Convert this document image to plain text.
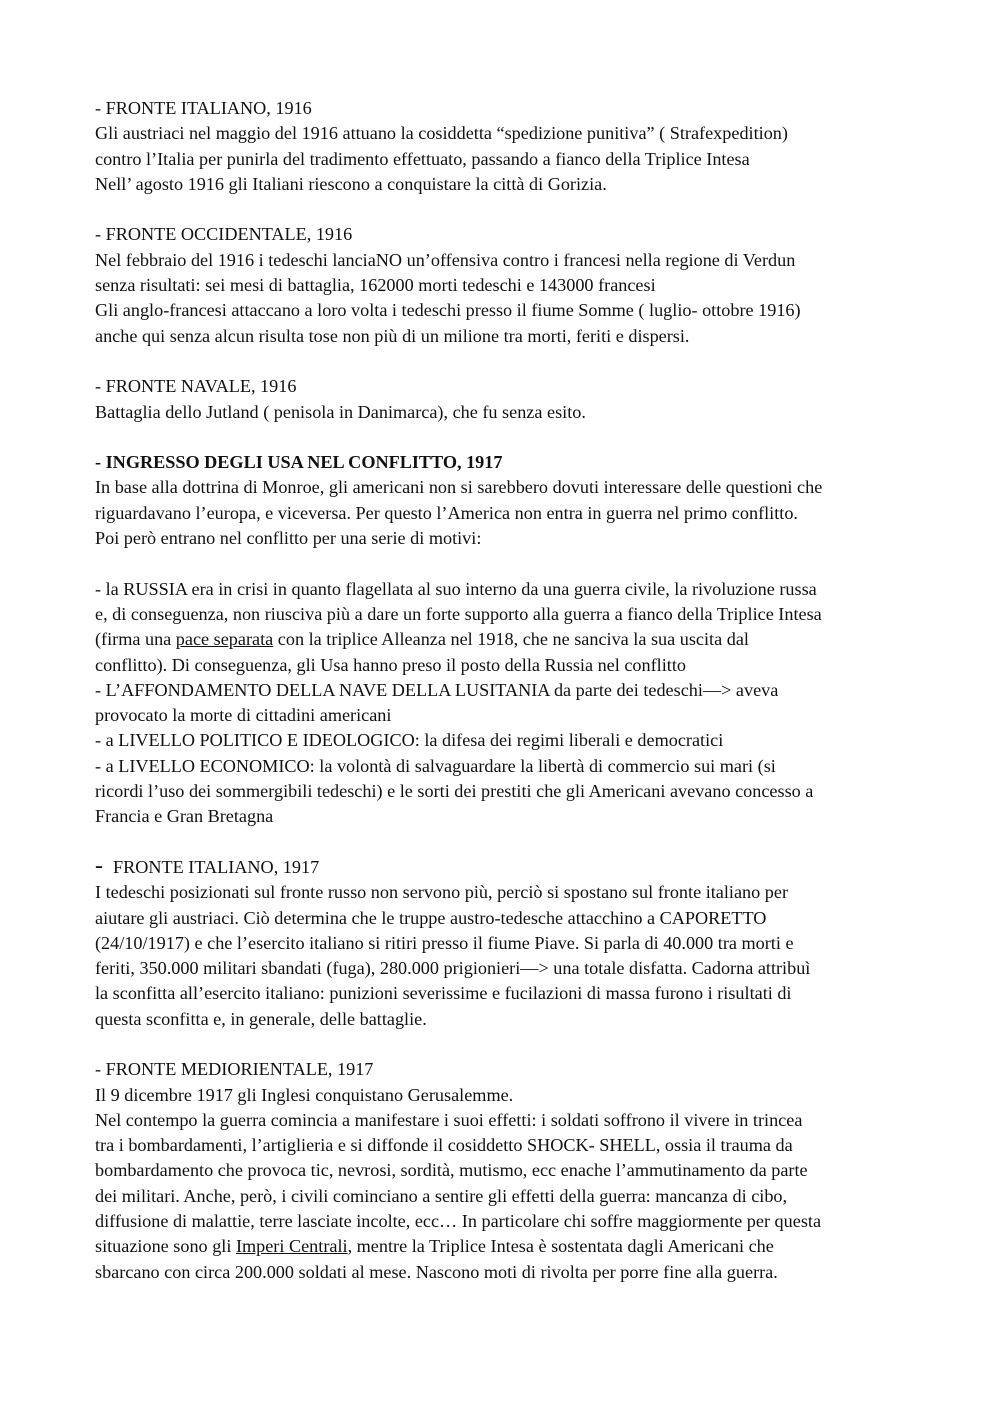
- FRONTE ITALIANO, 1916
Gli austriaci nel maggio del 1916 attuano la cosiddetta “spedizione punitiva” ( Strafexpedition)
contro l’Italia per punirla del tradimento effettuato, passando a fianco della Triplice Intesa
Nell’ agosto 1916 gli Italiani riescono a conquistare la città di Gorizia.
- FRONTE OCCIDENTALE, 1916
Nel febbraio del 1916 i tedeschi lanciaNO un’offensiva contro i francesi nella regione di Verdun
senza risultati: sei mesi di battaglia, 162000 morti tedeschi e 143000 francesi
Gli anglo-francesi attaccano a loro volta i tedeschi presso il fiume Somme ( luglio- ottobre 1916)
anche qui senza alcun risulta tose non più di un milione tra morti, feriti e dispersi.
- FRONTE NAVALE, 1916
Battaglia dello Jutland ( penisola in Danimarca), che fu senza esito.
- INGRESSO DEGLI USA NEL CONFLITTO, 1917
In base alla dottrina di Monroe, gli americani non si sarebbero dovuti interessare delle questioni che
riguardavano l’europa, e viceversa. Per questo l’America non entra in guerra nel primo conflitto.
Poi però entrano nel conflitto per una serie di motivi:
- la RUSSIA era in crisi in quanto flagellata al suo interno da una guerra civile, la rivoluzione russa
e, di conseguenza, non riusciva più a dare un forte supporto alla guerra a fianco della Triplice Intesa
(firma una pace separata con la triplice Alleanza nel 1918, che ne sanciva la sua uscita dal
conflitto). Di conseguenza, gli Usa hanno preso il posto della Russia nel conflitto
- L’AFFONDAMENTO DELLA NAVE DELLA LUSITANIA da parte dei tedeschi—> aveva
provocato la morte di cittadini americani
- a LIVELLO POLITICO E IDEOLOGICO: la difesa dei regimi liberali e democratici
- a LIVELLO ECONOMICO: la volontà di salvaguardare la libertà di commercio sui mari (si
ricordi l’uso dei sommergibili tedeschi) e le sorti dei prestiti che gli Americani avevano concesso a
Francia e Gran Bretagna
- FRONTE ITALIANO, 1917
I tedeschi posizionati sul fronte russo non servono più, perciò si spostano sul fronte italiano per
aiutare gli austriaci. Ciò determina che le truppe austro-tedesche attacchino a CAPORETTO
(24/10/1917) e che l’esercito italiano si ritiri presso il fiume Piave. Si parla di 40.000 tra morti e
feriti, 350.000 militari sbandati (fuga), 280.000 prigionieri—> una totale disfatta. Cadorna attribuì
la sconfitta all’esercito italiano: punizioni severissime e fucilazioni di massa furono i risultati di
questa sconfitta e, in generale, delle battaglie.
- FRONTE MEDIORIENTALE, 1917
Il 9 dicembre 1917 gli Inglesi conquistano Gerusalemme.
Nel contempo la guerra comincia a manifestare i suoi effetti: i soldati soffrono il vivere in trincea
tra i bombardamenti, l’artiglieria e si diffonde il cosiddetto SHOCK- SHELL, ossia il trauma da
bombardamento che provoca tic, nevrosi, sordità, mutismo, ecc enache l’ammutinamento da parte
dei militari. Anche, però, i civili cominciano a sentire gli effetti della guerra: mancanza di cibo,
diffusione di malattie, terre lasciate incolte, ecc… In particolare chi soffre maggiormente per questa
situazione sono gli Imperi Centrali, mentre la Triplice Intesa è sostentata dagli Americani che
sbarcano con circa 200.000 soldati al mese. Nascono moti di rivolta per porre fine alla guerra.
